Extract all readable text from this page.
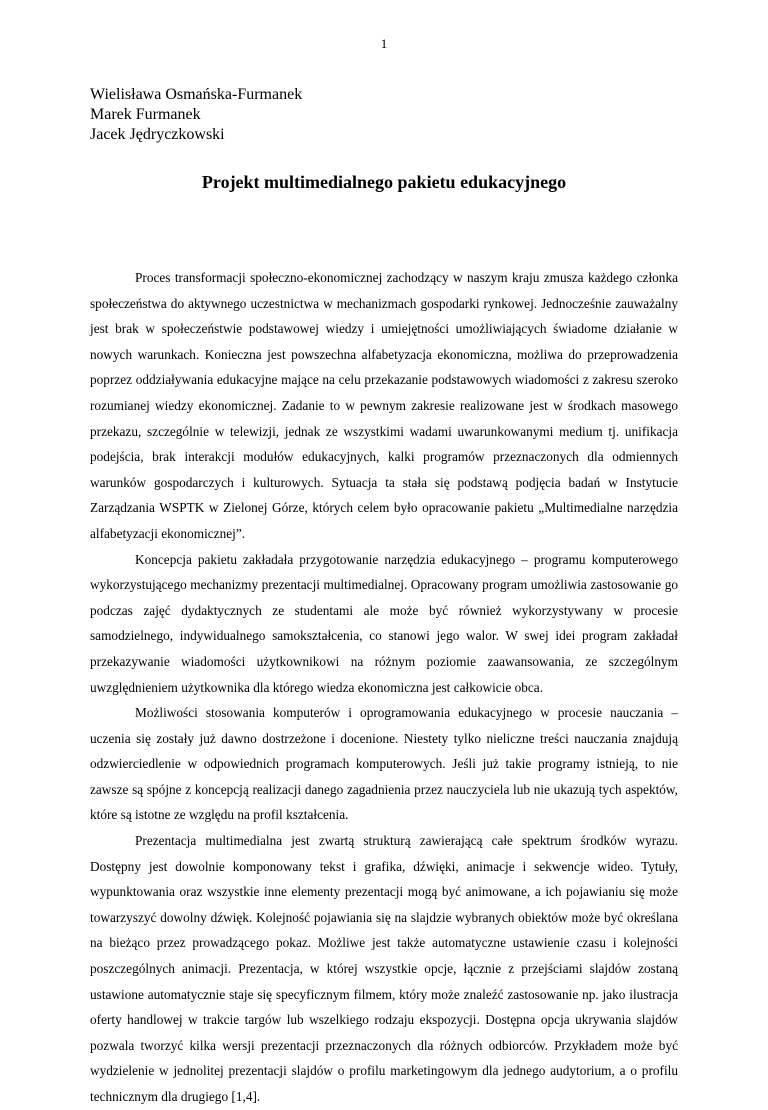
1
Wielisława Osmańska-Furmanek
Marek Furmanek
Jacek Jędryczkowski
Projekt multimedialnego pakietu edukacyjnego

Proces transformacji społeczno-ekonomicznej zachodzący w naszym kraju zmusza każdego członka społeczeństwa do aktywnego uczestnictwa w mechanizmach gospodarki rynkowej. Jednocześnie zauważalny jest brak w społeczeństwie podstawowej wiedzy i umiejętności umożliwiających świadome działanie w nowych warunkach. Konieczna jest powszechna alfabetyzacja ekonomiczna, możliwa do przeprowadzenia poprzez oddziaływania edukacyjne mające na celu przekazanie podstawowych wiadomości z zakresu szeroko rozumianej wiedzy ekonomicznej. Zadanie to w pewnym zakresie realizowane jest w środkach masowego przekazu, szczególnie w telewizji, jednak ze wszystkimi wadami uwarunkowanymi medium tj. unifikacja podejścia, brak interakcji modułów edukacyjnych, kalki programów przeznaczonych dla odmiennych warunków gospodarczych i kulturowych. Sytuacja ta stała się podstawą podjęcia badań w Instytucie Zarządzania WSPTK w Zielonej Górze, których celem było opracowanie pakietu „Multimedialne narzędzia alfabetyzacji ekonomicznej”.

Koncepcja pakietu zakładała przygotowanie narzędzia edukacyjnego – programu komputerowego wykorzystującego mechanizmy prezentacji multimedialnej. Opracowany program umożliwia zastosowanie go podczas zajęć dydaktycznych ze studentami ale może być również wykorzystywany w procesie samodzielnego, indywidualnego samokształcenia, co stanowi jego walor. W swej idei program zakładał przekazywanie wiadomości użytkownikowi na różnym poziomie zaawansowania, ze szczególnym uwzględnieniem użytkownika dla którego wiedza ekonomiczna jest całkowicie obca.

Możliwości stosowania komputerów i oprogramowania edukacyjnego w procesie nauczania – uczenia się zostały już dawno dostrzeżone i docenione. Niestety tylko nieliczne treści nauczania znajdują odzwierciedlenie w odpowiednich programach komputerowych. Jeśli już takie programy istnieją, to nie zawsze są spójne z koncepcją realizacji danego zagadnienia przez nauczyciela lub nie ukazują tych aspektów, które są istotne ze względu na profil kształcenia.

Prezentacja multimedialna jest zwartą strukturą zawierającą całe spektrum środków wyrazu. Dostępny jest dowolnie komponowany tekst i grafika, dźwięki, animacje i sekwencje wideo. Tytuły, wypunktowania oraz wszystkie inne elementy prezentacji mogą być animowane, a ich pojawianiu się może towarzyszyć dowolny dźwięk. Kolejność pojawiania się na slajdzie wybranych obiektów może być określana na bieżąco przez prowadzącego pokaz. Możliwe jest także automatyczne ustawienie czasu i kolejności poszczególnych animacji. Prezentacja, w której wszystkie opcje, łącznie z przejściami slajdów zostaną ustawione automatycznie staje się specyficznym filmem, który może znaleźć zastosowanie np. jako ilustracja oferty handlowej w trakcie targów lub wszelkiego rodzaju ekspozycji. Dostępna opcja ukrywania slajdów pozwala tworzyć kilka wersji prezentacji przeznaczonych dla różnych odbiorców. Przykładem może być wydzielenie w jednolitej prezentacji slajdów o profilu marketingowym dla jednego audytorium, a o profilu technicznym dla drugiego [1,4].
